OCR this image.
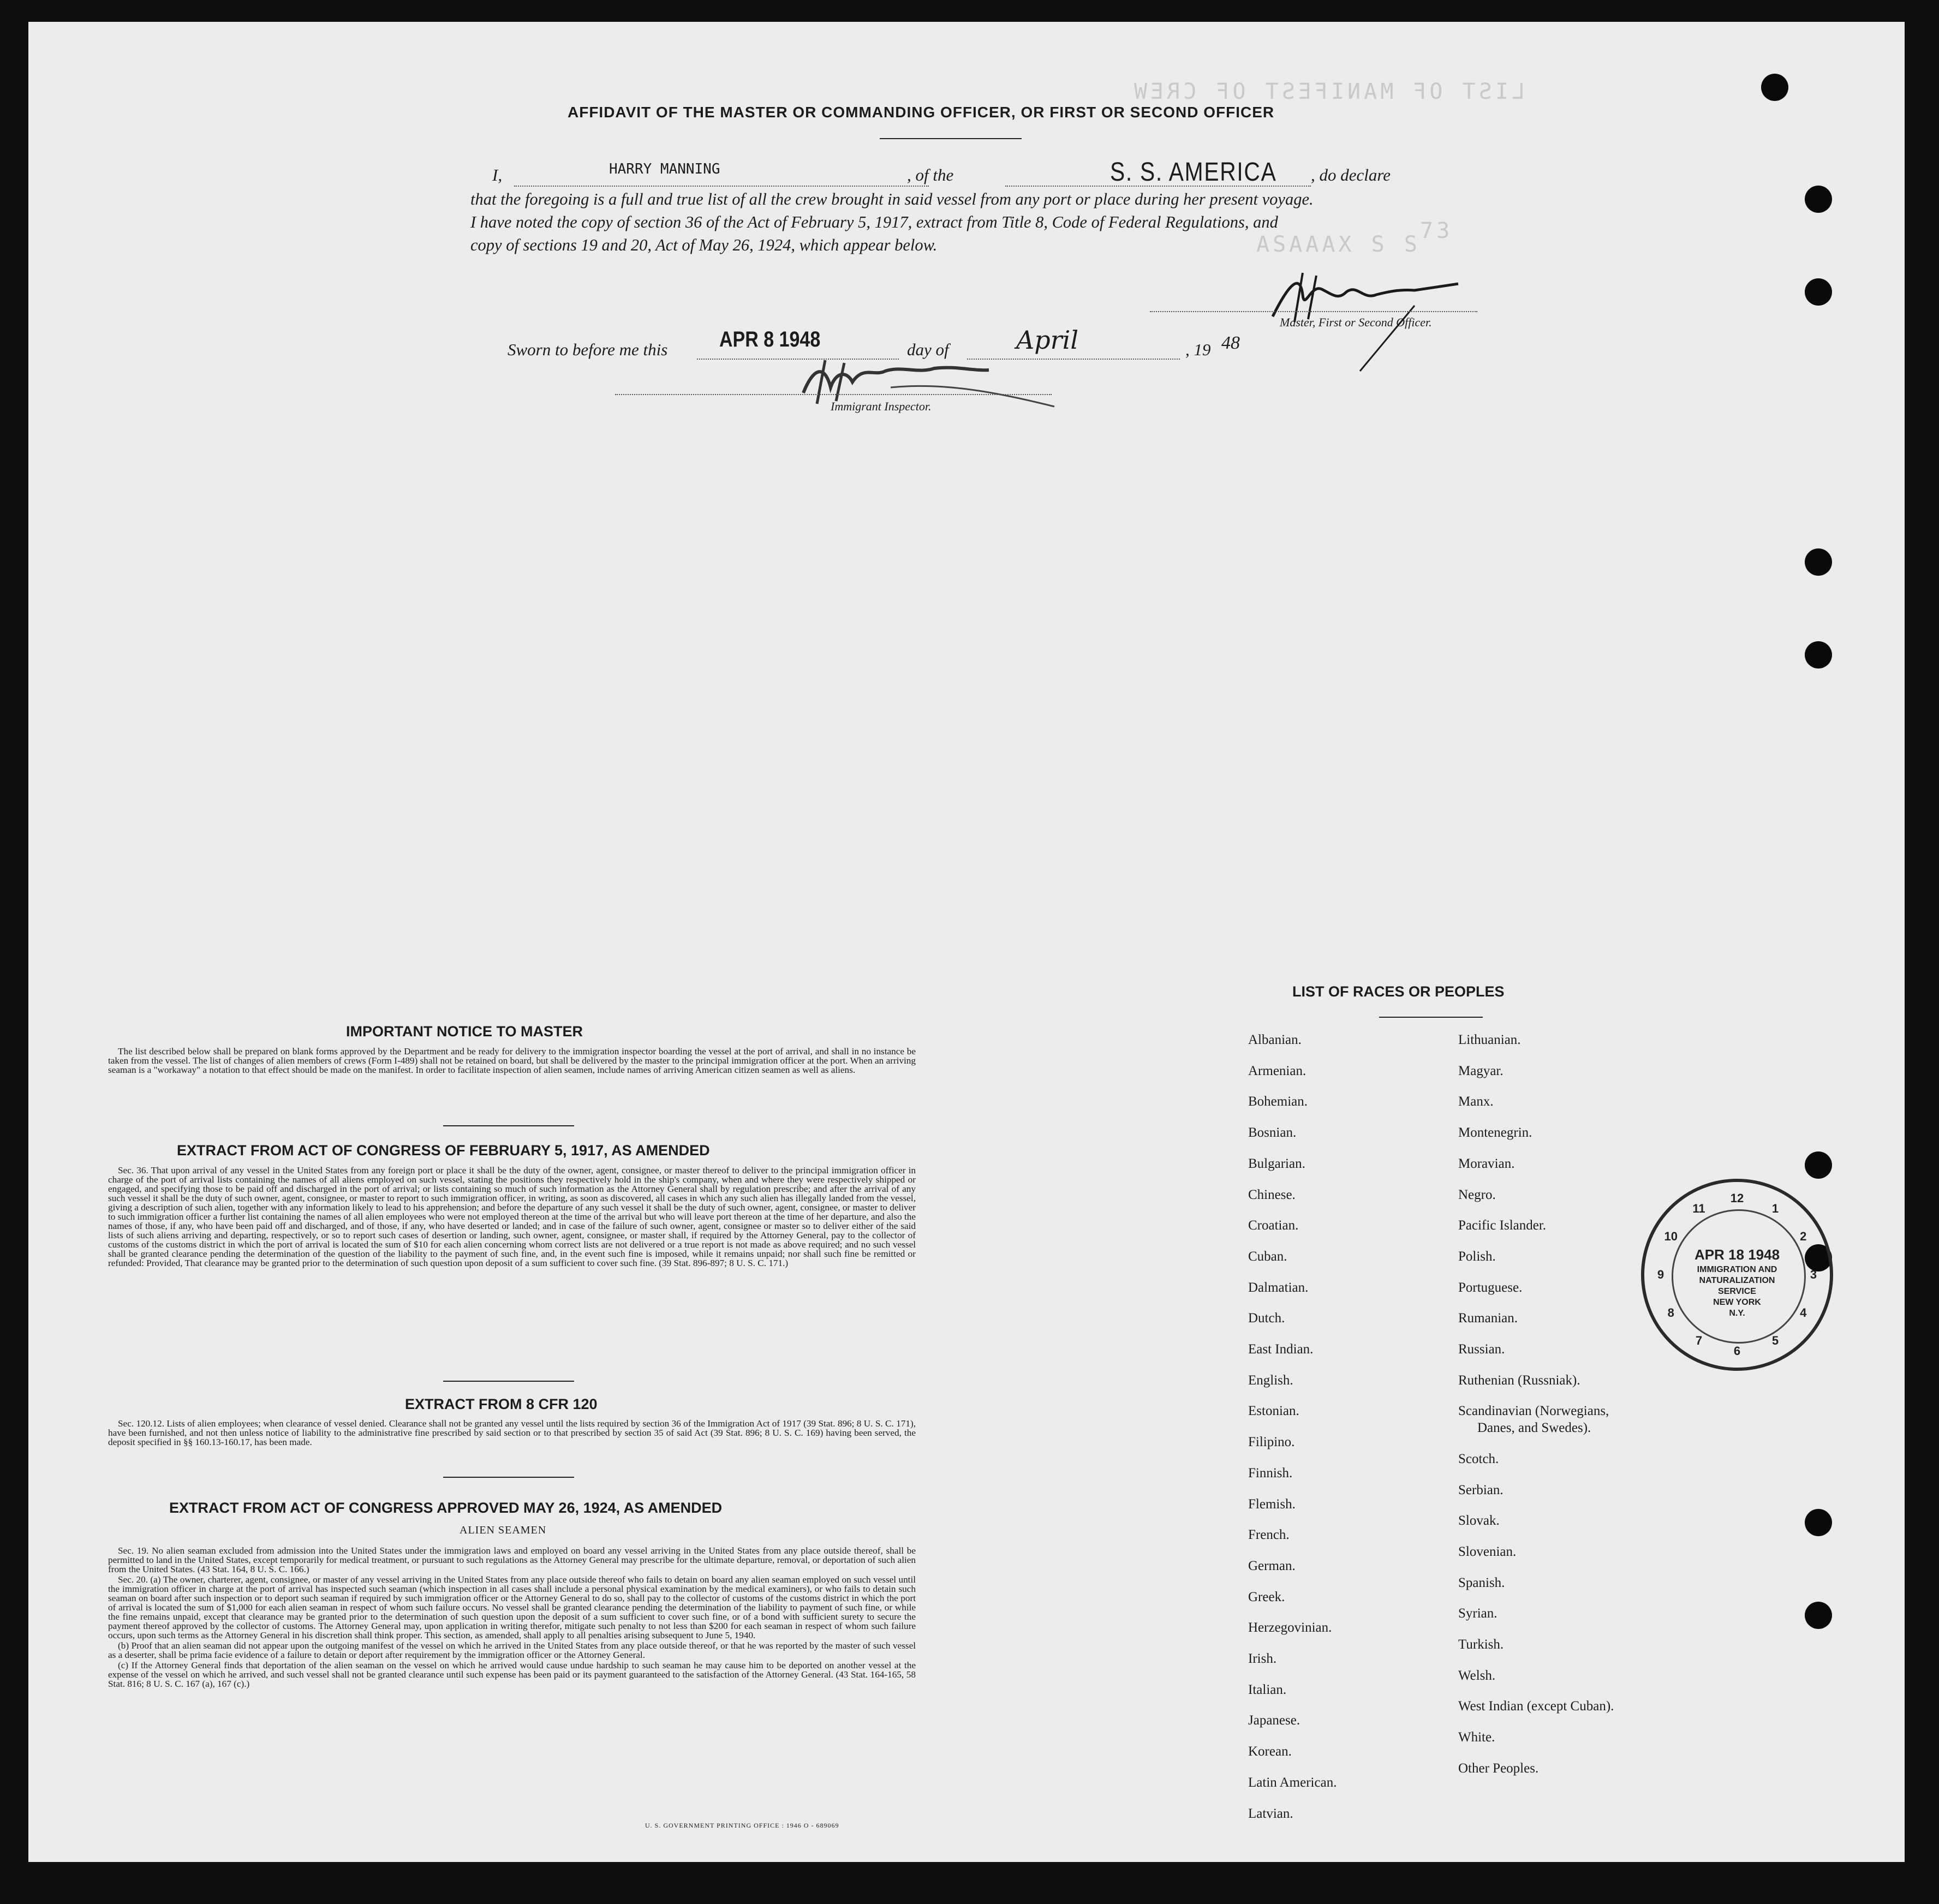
LIST OF MANIFEST OF CREW
73
ASAAAX S S
AFFIDAVIT OF THE MASTER OR COMMANDING OFFICER, OR FIRST OR SECOND OFFICER
I,	HARRY MANNING	, of the	S. S. AMERICA , do declare
that the foregoing is a full and true list of all the crew brought in said vessel from any port or place during her present voyage.
I have noted the copy of section 36 of the Act of February 5, 1917, extract from Title 8, Code of Federal Regulations, and
copy of sections 19 and 20, Act of May 26, 1924, which appear below.
Master, First or Second Officer.
Sworn to before me this APR 8 1948	day of	April	, 19 48
Immigrant Inspector.
IMPORTANT NOTICE TO MASTER

The list described below shall be prepared on blank forms approved by the Department and be ready for delivery to the immigration inspector boarding the vessel at the port of arrival, and shall in no instance be taken from the vessel. The list of changes of alien members of crews (Form I-489) shall not be retained on board, but shall be delivered by the master to the principal immigration officer at the port. When an arriving seaman is a "workaway" a notation to that effect should be made on the manifest. In order to facilitate inspection of alien seamen, include names of arriving American citizen seamen as well as aliens.

EXTRACT FROM ACT OF CONGRESS OF FEBRUARY 5, 1917, AS AMENDED

Sec. 36. That upon arrival of any vessel in the United States from any foreign port or place it shall be the duty of the owner, agent, consignee, or master thereof to deliver to the principal immigration officer in charge of the port of arrival lists containing the names of all aliens employed on such vessel, stating the positions they respectively hold in the ship's company, when and where they were respectively shipped or engaged, and specifying those to be paid off and discharged in the port of arrival; or lists containing so much of such information as the Attorney General shall by regulation prescribe; and after the arrival of any such vessel it shall be the duty of such owner, agent, consignee, or master to report to such immigration officer, in writing, as soon as discovered, all cases in which any such alien has illegally landed from the vessel, giving a description of such alien, together with any information likely to lead to his apprehension; and before the departure of any such vessel it shall be the duty of such owner, agent, consignee, or master to deliver to such immigration officer a further list containing the names of all alien employees who were not employed thereon at the time of the arrival but who will leave port thereon at the time of her departure, and also the names of those, if any, who have been paid off and discharged, and of those, if any, who have deserted or landed; and in case of the failure of such owner, agent, consignee or master so to deliver either of the said lists of such aliens arriving and departing, respectively, or so to report such cases of desertion or landing, such owner, agent, consignee, or master shall, if required by the Attorney General, pay to the collector of customs of the customs district in which the port of arrival is located the sum of $10 for each alien concerning whom correct lists are not delivered or a true report is not made as above required; and no such vessel shall be granted clearance pending the determination of the question of the liability to the payment of such fine, and, in the event such fine is imposed, while it remains unpaid; nor shall such fine be remitted or refunded: Provided, That clearance may be granted prior to the determination of such question upon deposit of a sum sufficient to cover such fine. (39 Stat. 896-897; 8 U. S. C. 171.)

EXTRACT FROM 8 CFR 120

Sec. 120.12. Lists of alien employees; when clearance of vessel denied. Clearance shall not be granted any vessel until the lists required by section 36 of the Immigration Act of 1917 (39 Stat. 896; 8 U. S. C. 171), have been furnished, and not then unless notice of liability to the administrative fine prescribed by said section or to that prescribed by section 35 of said Act (39 Stat. 896; 8 U. S. C. 169) having been served, the deposit specified in §§ 160.13-160.17, has been made.

EXTRACT FROM ACT OF CONGRESS APPROVED MAY 26, 1924, AS AMENDED
ALIEN SEAMEN

Sec. 19. No alien seaman excluded from admission into the United States under the immigration laws and employed on board any vessel arriving in the United States from any place outside thereof, shall be permitted to land in the United States, except temporarily for medical treatment, or pursuant to such regulations as the Attorney General may prescribe for the ultimate departure, removal, or deportation of such alien from the United States. (43 Stat. 164, 8 U. S. C. 166.)

Sec. 20. (a) The owner, charterer, agent, consignee, or master of any vessel arriving in the United States from any place outside thereof who fails to detain on board any alien seaman employed on such vessel until the immigration officer in charge at the port of arrival has inspected such seaman (which inspection in all cases shall include a personal physical examination by the medical examiners), or who fails to detain such seaman on board after such inspection or to deport such seaman if required by such immigration officer or the Attorney General to do so, shall pay to the collector of customs of the customs district in which the port of arrival is located the sum of $1,000 for each alien seaman in respect of whom such failure occurs. No vessel shall be granted clearance pending the determination of the liability to payment of such fine, or while the fine remains unpaid, except that clearance may be granted prior to the determination of such question upon the deposit of a sum sufficient to cover such fine, or of a bond with sufficient surety to secure the payment thereof approved by the collector of customs. The Attorney General may, upon application in writing therefor, mitigate such penalty to not less than $200 for each seaman in respect of whom such failure occurs, upon such terms as the Attorney General in his discretion shall think proper. This section, as amended, shall apply to all penalties arising subsequent to June 5, 1940.

(b) Proof that an alien seaman did not appear upon the outgoing manifest of the vessel on which he arrived in the United States from any place outside thereof, or that he was reported by the master of such vessel as a deserter, shall be prima facie evidence of a failure to detain or deport after requirement by the immigration officer or the Attorney General.

(c) If the Attorney General finds that deportation of the alien seaman on the vessel on which he arrived would cause undue hardship to such seaman he may cause him to be deported on another vessel at the expense of the vessel on which he arrived, and such vessel shall not be granted clearance until such expense has been paid or its payment guaranteed to the satisfaction of the Attorney General. (43 Stat. 164-165, 58 Stat. 816; 8 U. S. C. 167 (a), 167 (c).)

U. S. GOVERNMENT PRINTING OFFICE : 1946 O - 689069
LIST OF RACES OR PEOPLES
Albanian.
Armenian.
Bohemian.
Bosnian.
Bulgarian.
Chinese.
Croatian.
Cuban.
Dalmatian.
Dutch.
East Indian.
English.
Estonian.
Filipino.
Finnish.
Flemish.
French.
German.
Greek.
Herzegovinian.
Irish.
Italian.
Japanese.
Korean.
Latin American.
Latvian.
Lithuanian.
Magyar.
Manx.
Montenegrin.
Moravian.
Negro.
Pacific Islander.
Polish.
Portuguese.
Rumanian.
Russian.
Ruthenian (Russniak).
Scandinavian (Norwegians,
Danes, and Swedes).
Scotch.
Serbian.
Slovak.
Slovenian.
Spanish.
Syrian.
Turkish.
Welsh.
West Indian (except Cuban).
White.
Other Peoples.
10
11
12
1
2
3
4
5
6
7
8
9
APR 18 1948
IMMIGRATION AND
NATURALIZATION
SERVICE
NEW YORK
N.Y.
